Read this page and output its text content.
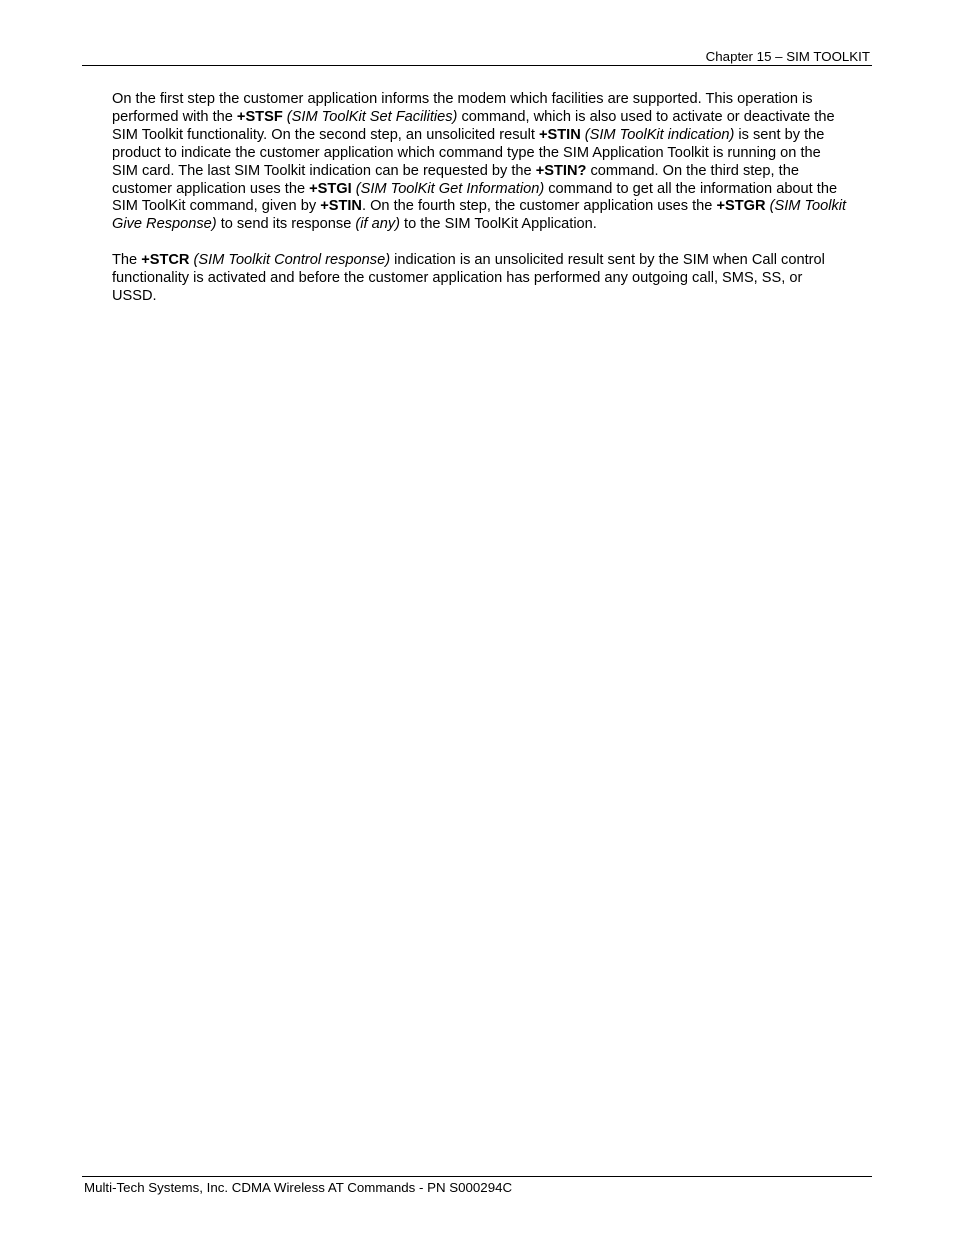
Chapter 15 – SIM TOOLKIT

On the first step the customer application informs the modem which facilities are supported. This operation is performed with the +STSF (SIM ToolKit Set Facilities) command, which is also used to activate or deactivate the SIM Toolkit functionality. On the second step, an unsolicited result +STIN (SIM ToolKit indication) is sent by the product to indicate the customer application which command type the SIM Application Toolkit is running on the SIM card. The last SIM Toolkit indication can be requested by the +STIN? command. On the third step, the customer application uses the +STGI (SIM ToolKit Get Information) command to get all the information about the SIM ToolKit command, given by +STIN. On the fourth step, the customer application uses the +STGR (SIM Toolkit Give Response) to send its response (if any) to the SIM ToolKit Application.

The +STCR (SIM Toolkit Control response) indication is an unsolicited result sent by the SIM when Call control functionality is activated and before the customer application has performed any outgoing call, SMS, SS, or USSD.

Multi-Tech Systems, Inc. CDMA Wireless AT Commands - PN S000294C
